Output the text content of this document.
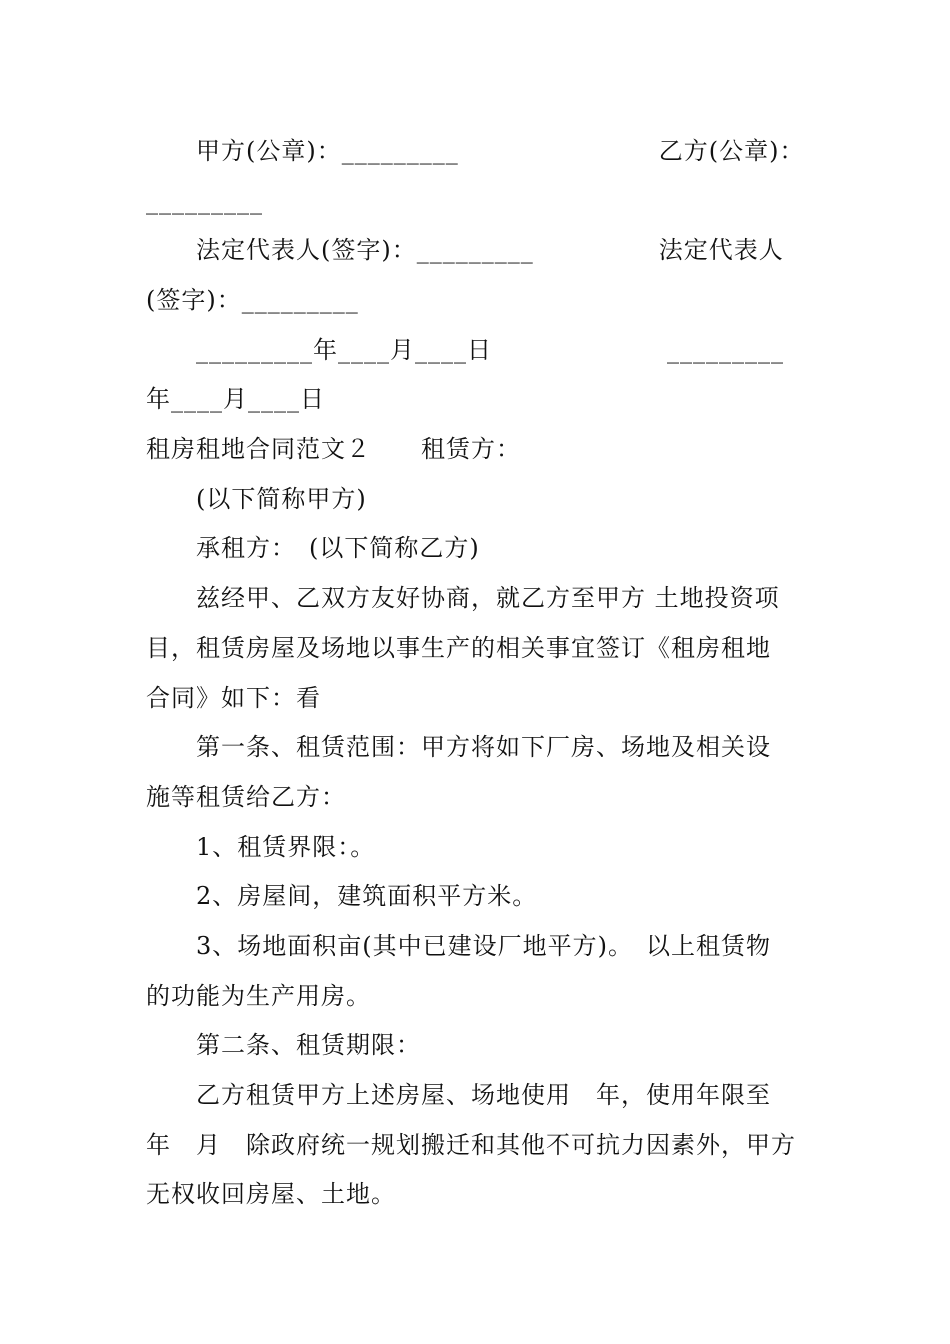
　　甲方(公章)：_________　　　　　　　　乙方(公章)：
_________
　　法定代表人(签字)：_________　　　　　法定代表人
(签字)：_________
　　_________年____月____日　　　　　　　_________
年____月____日
租房租地合同范文２　　租赁方：
　　(以下简称甲方)
　　承租方：　(以下简称乙方)
　　兹经甲、乙双方友好协商，就乙方至甲方 土地投资项
目，租赁房屋及场地以事生产的相关事宜签订《租房租地
合同》如下：看
　　第一条、租赁范围：甲方将如下厂房、场地及相关设
施等租赁给乙方：
　　1、租赁界限：。
　　2、房屋间，建筑面积平方米。
　　3、场地面积亩(其中已建设厂地平方)。　以上租赁物
的功能为生产用房。
　　第二条、租赁期限：
　　乙方租赁甲方上述房屋、场地使用　年，使用年限至
年　月　除政府统一规划搬迁和其他不可抗力因素外，甲方
无权收回房屋、土地。
